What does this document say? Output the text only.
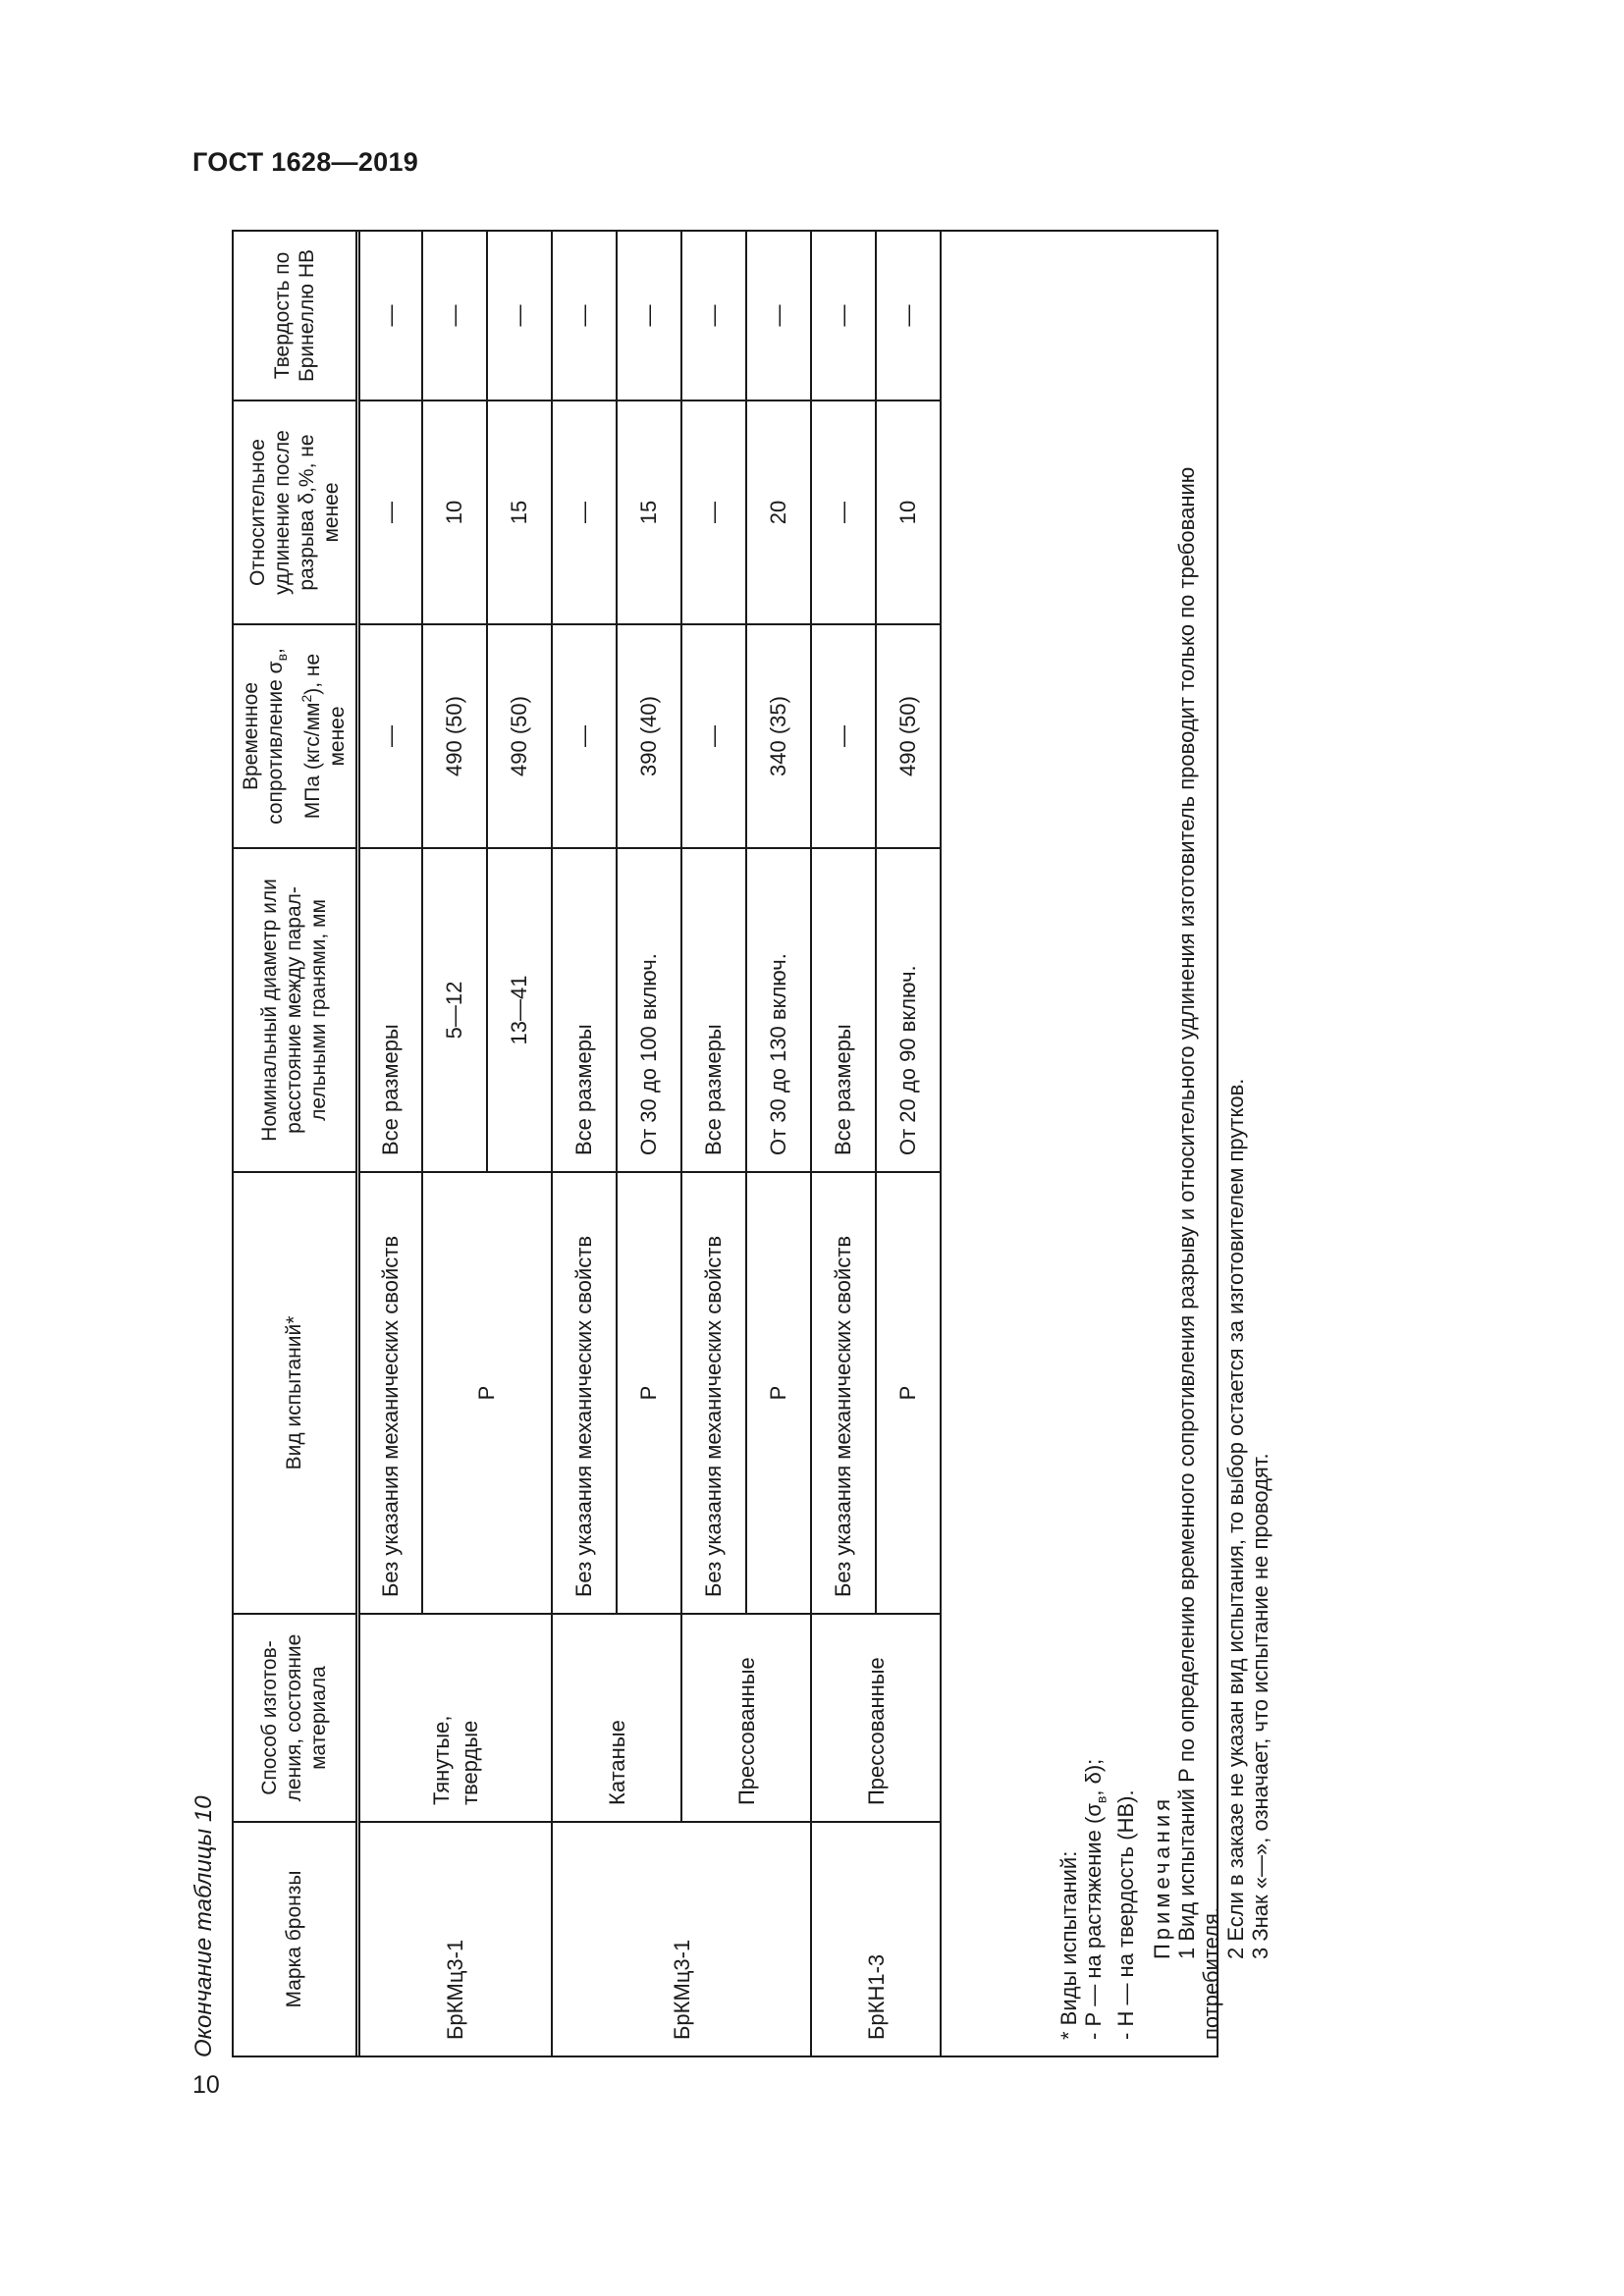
ГОСТ 1628—2019
Окончание таблицы 10	Марка бронзы	Способ изготов-ления, состояние материала	Вид испытаний*	Номинальный диаметр или расстояние между парал-лельными гранями, мм	Временное сопротивление $\sigma_в$, МПа $(кгс/мм^2)$, не менее	Относительное удлинение после разрыва δ,%, не менее	Твердость по Бринеллю НВ
БрКМц3-1	Тянутые, твердые	Без указания механических свойств	Все размеры	—	—	—
		Р	5—12	490 (50)	10	—
			13—41	490 (50)	15	—
БрКМц3-1	Катаные	Без указания механических свойств	Все размеры	—	—	—
		Р	От 30 до 100 включ.	390 (40)	15	—
	Прессованные	Без указания механических свойств	Все размеры	—	—	—
		Р	От 30 до 130 включ.	340 (35)	20	—
БрКН1-3	Прессованные	Без указания механических свойств	Все размеры	—	—	—
		Р	От 20 до 90 включ.	490 (50)	10	—
* Виды испытаний: - Р — на растяжение ($\sigma_в$, δ);
- Н — на твердость (НВ). Примечания 1 Вид испытаний Р по определению временного сопротивления разрыву и относительного удлинения изготовитель проводит только по требованию
потребителя.
2 Если в заказе не указан вид испытания, то выбор остается за изготовителем прутков. 3 Знак «—», означает, что испытание не проводят.
10
